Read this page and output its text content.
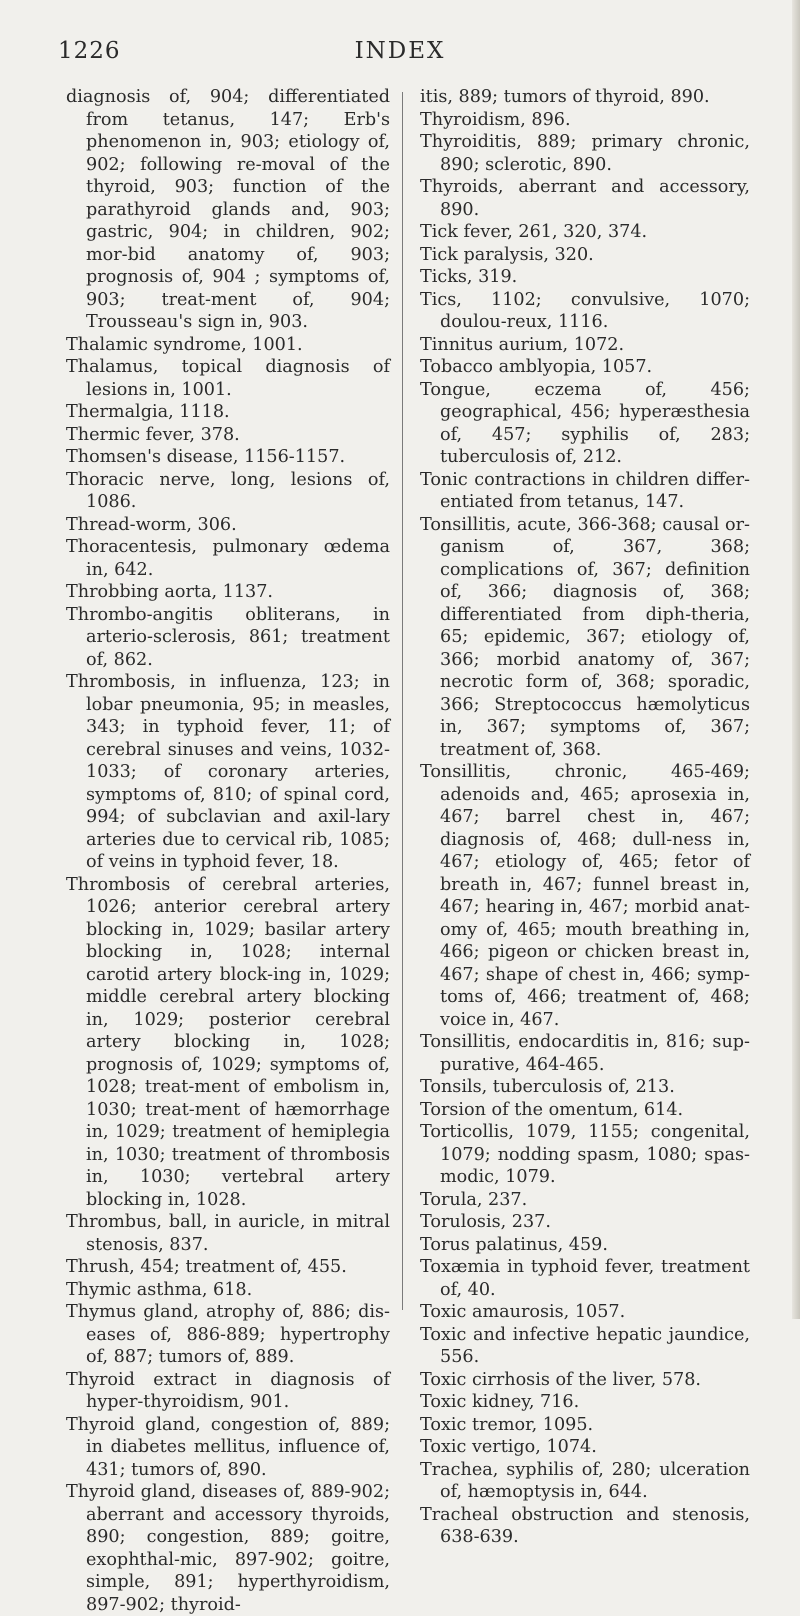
1226	INDEX

diagnosis of, 904; differentiated from tetanus, 147; Erb's phenomenon in, 903; etiology of, 902; following re-moval of the thyroid, 903; function of the parathyroid glands and, 903; gastric, 904; in children, 902; mor-bid anatomy of, 903; prognosis of, 904 ; symptoms of, 903; treat-ment of, 904; Trousseau's sign in, 903.

Thalamic syndrome, 1001.

Thalamus, topical diagnosis of lesions in, 1001.

Thermalgia, 1118.

Thermic fever, 378.

Thomsen's disease, 1156-1157.

Thoracic nerve, long, lesions of, 1086.

Thread-worm, 306.

Thoracentesis, pulmonary œdema in, 642.

Throbbing aorta, 1137.

Thrombo-angitis obliterans, in arterio-sclerosis, 861; treatment of, 862.

Thrombosis, in influenza, 123; in lobar pneumonia, 95; in measles, 343; in typhoid fever, 11; of cerebral sinuses and veins, 1032-1033; of coronary arteries, symptoms of, 810; of spinal cord, 994; of subclavian and axil-lary arteries due to cervical rib, 1085; of veins in typhoid fever, 18.

Thrombosis of cerebral arteries, 1026; anterior cerebral artery blocking in, 1029; basilar artery blocking in, 1028; internal carotid artery block-ing in, 1029; middle cerebral artery blocking in, 1029; posterior cerebral artery blocking in, 1028; prognosis of, 1029; symptoms of, 1028; treat-ment of embolism in, 1030; treat-ment of hæmorrhage in, 1029; treatment of hemiplegia in, 1030; treatment of thrombosis in, 1030; vertebral artery blocking in, 1028.

Thrombus, ball, in auricle, in mitral stenosis, 837.

Thrush, 454; treatment of, 455.

Thymic asthma, 618.

Thymus gland, atrophy of, 886; dis-eases of, 886-889; hypertrophy of, 887; tumors of, 889.

Thyroid extract in diagnosis of hyper-thyroidism, 901.

Thyroid gland, congestion of, 889; in diabetes mellitus, influence of, 431; tumors of, 890.

Thyroid gland, diseases of, 889-902; aberrant and accessory thyroids, 890; congestion, 889; goitre, exophthal-mic, 897-902; goitre, simple, 891; hyperthyroidism, 897-902; thyroid-

itis, 889; tumors of thyroid, 890.

Thyroidism, 896.

Thyroiditis, 889; primary chronic, 890; sclerotic, 890.

Thyroids, aberrant and accessory, 890.

Tick fever, 261, 320, 374.

Tick paralysis, 320.

Ticks, 319.

Tics, 1102; convulsive, 1070; doulou-reux, 1116.

Tinnitus aurium, 1072.

Tobacco amblyopia, 1057.

Tongue, eczema of, 456; geographical, 456; hyperæsthesia of, 457; syphilis of, 283; tuberculosis of, 212.

Tonic contractions in children differ-entiated from tetanus, 147.

Tonsillitis, acute, 366-368; causal or-ganism of, 367, 368; complications of, 367; definition of, 366; diagnosis of, 368; differentiated from diph-theria, 65; epidemic, 367; etiology of, 366; morbid anatomy of, 367; necrotic form of, 368; sporadic, 366; Streptococcus hæmolyticus in, 367; symptoms of, 367; treatment of, 368.

Tonsillitis, chronic, 465-469; adenoids and, 465; aprosexia in, 467; barrel chest in, 467; diagnosis of, 468; dull-ness in, 467; etiology of, 465; fetor of breath in, 467; funnel breast in, 467; hearing in, 467; morbid anat-omy of, 465; mouth breathing in, 466; pigeon or chicken breast in, 467; shape of chest in, 466; symp-toms of, 466; treatment of, 468; voice in, 467.

Tonsillitis, endocarditis in, 816; sup-purative, 464-465.

Tonsils, tuberculosis of, 213.

Torsion of the omentum, 614.

Torticollis, 1079, 1155; congenital, 1079; nodding spasm, 1080; spas-modic, 1079.

Torula, 237.

Torulosis, 237.

Torus palatinus, 459.

Toxæmia in typhoid fever, treatment of, 40.

Toxic amaurosis, 1057.

Toxic and infective hepatic jaundice, 556.

Toxic cirrhosis of the liver, 578.

Toxic kidney, 716.

Toxic tremor, 1095.

Toxic vertigo, 1074.

Trachea, syphilis of, 280; ulceration of, hæmoptysis in, 644.

Tracheal obstruction and stenosis, 638-639.
